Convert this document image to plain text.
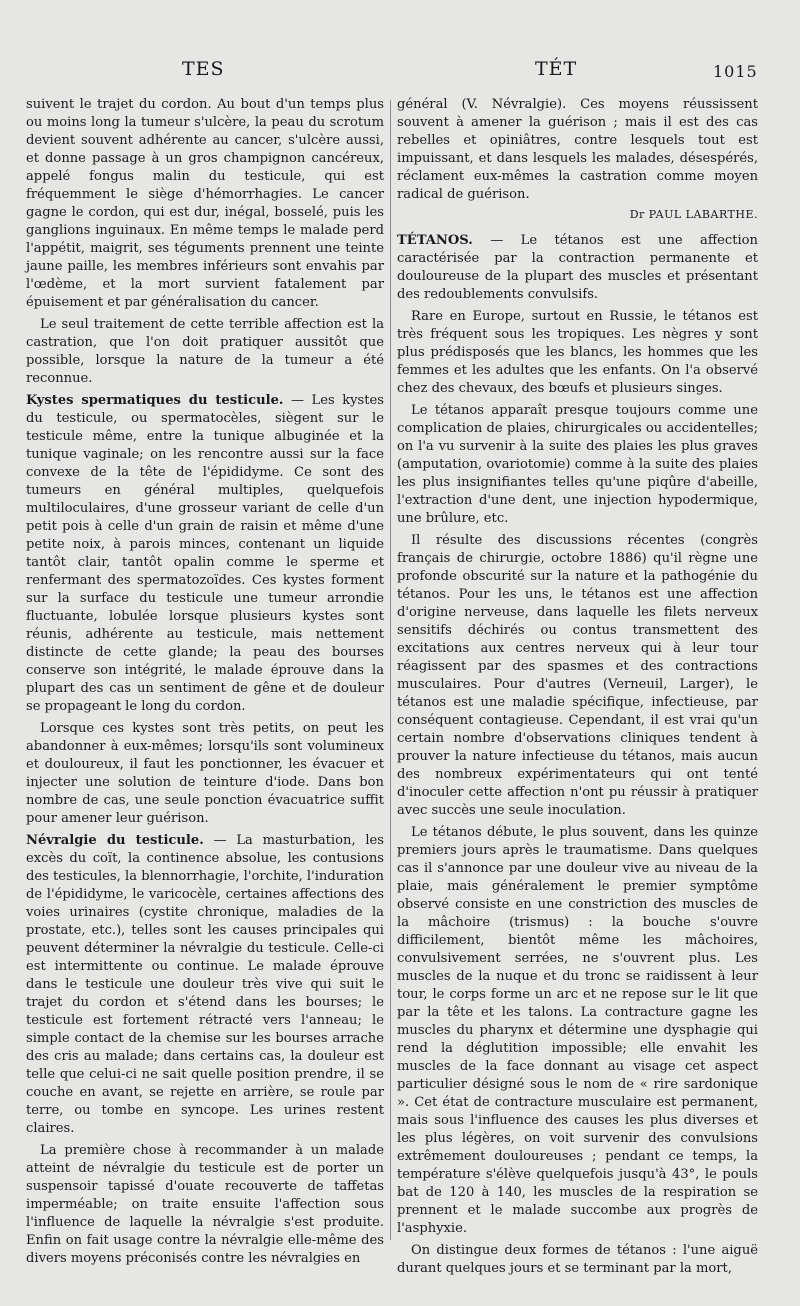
TES	TÉT	1015

suivent le trajet du cordon. Au bout d'un temps plus ou moins long la tumeur s'ulcère, la peau du scrotum devient souvent adhérente au cancer, s'ulcère aussi, et donne passage à un gros champignon cancéreux, appelé fongus malin du testicule, qui est fréquemment le siège d'hémorrhagies. Le cancer gagne le cordon, qui est dur, inégal, bosselé, puis les ganglions inguinaux. En même temps le malade perd l'appétit, maigrit, ses téguments prennent une teinte jaune paille, les membres inférieurs sont envahis par l'œdème, et la mort survient fatalement par épuisement et par généralisation du cancer.

Le seul traitement de cette terrible affection est la castration, que l'on doit pratiquer aussitôt que possible, lorsque la nature de la tumeur a été reconnue.

Kystes spermatiques du testicule. — Les kystes du testicule, ou spermatocèles, siègent sur le testicule même, entre la tunique albuginée et la tunique vaginale; on les rencontre aussi sur la face convexe de la tête de l'épididyme. Ce sont des tumeurs en général multiples, quelquefois multiloculaires, d'une grosseur variant de celle d'un petit pois à celle d'un grain de raisin et même d'une petite noix, à parois minces, contenant un liquide tantôt clair, tantôt opalin comme le sperme et renfermant des spermatozoïdes. Ces kystes forment sur la surface du testicule une tumeur arrondie fluctuante, lobulée lorsque plusieurs kystes sont réunis, adhérente au testicule, mais nettement distincte de cette glande; la peau des bourses conserve son intégrité, le malade éprouve dans la plupart des cas un sentiment de gêne et de douleur se propageant le long du cordon.

Lorsque ces kystes sont très petits, on peut les abandonner à eux-mêmes; lorsqu'ils sont volumineux et douloureux, il faut les ponctionner, les évacuer et injecter une solution de teinture d'iode. Dans bon nombre de cas, une seule ponction évacuatrice suffit pour amener leur guérison.

Névralgie du testicule. — La masturbation, les excès du coït, la continence absolue, les contusions des testicules, la blennorrhagie, l'orchite, l'induration de l'épididyme, le varicocèle, certaines affections des voies urinaires (cystite chronique, maladies de la prostate, etc.), telles sont les causes principales qui peuvent déterminer la névralgie du testicule. Celle-ci est intermittente ou continue. Le malade éprouve dans le testicule une douleur très vive qui suit le trajet du cordon et s'étend dans les bourses; le testicule est fortement rétracté vers l'anneau; le simple contact de la chemise sur les bourses arrache des cris au malade; dans certains cas, la douleur est telle que celui-ci ne sait quelle position prendre, il se couche en avant, se rejette en arrière, se roule par terre, ou tombe en syncope. Les urines restent claires.

La première chose à recommander à un malade atteint de névralgie du testicule est de porter un suspensoir tapissé d'ouate recouverte de taffetas imperméable; on traite ensuite l'affection sous l'influence de laquelle la névralgie s'est produite. Enfin on fait usage contre la névralgie elle-même des divers moyens préconisés contre les névralgies en

général (V. Névralgie). Ces moyens réussissent souvent à amener la guérison ; mais il est des cas rebelles et opiniâtres, contre lesquels tout est impuissant, et dans lesquels les malades, désespérés, réclament eux-mêmes la castration comme moyen radical de guérison.

Dr PAUL LABARTHE.

TÉTANOS. — Le tétanos est une affection caractérisée par la contraction permanente et douloureuse de la plupart des muscles et présentant des redoublements convulsifs.

Rare en Europe, surtout en Russie, le tétanos est très fréquent sous les tropiques. Les nègres y sont plus prédisposés que les blancs, les hommes que les femmes et les adultes que les enfants. On l'a observé chez des chevaux, des bœufs et plusieurs singes.

Le tétanos apparaît presque toujours comme une complication de plaies, chirurgicales ou accidentelles; on l'a vu survenir à la suite des plaies les plus graves (amputation, ovariotomie) comme à la suite des plaies les plus insignifiantes telles qu'une piqûre d'abeille, l'extraction d'une dent, une injection hypodermique, une brûlure, etc.

Il résulte des discussions récentes (congrès français de chirurgie, octobre 1886) qu'il règne une profonde obscurité sur la nature et la pathogénie du tétanos. Pour les uns, le tétanos est une affection d'origine nerveuse, dans laquelle les filets nerveux sensitifs déchirés ou contus transmettent des excitations aux centres nerveux qui à leur tour réagissent par des spasmes et des contractions musculaires. Pour d'autres (Verneuil, Larger), le tétanos est une maladie spécifique, infectieuse, par conséquent contagieuse. Cependant, il est vrai qu'un certain nombre d'observations cliniques tendent à prouver la nature infectieuse du tétanos, mais aucun des nombreux expérimentateurs qui ont tenté d'inoculer cette affection n'ont pu réussir à pratiquer avec succès une seule inoculation.

Le tétanos débute, le plus souvent, dans les quinze premiers jours après le traumatisme. Dans quelques cas il s'annonce par une douleur vive au niveau de la plaie, mais généralement le premier symptôme observé consiste en une constriction des muscles de la mâchoire (trismus) : la bouche s'ouvre difficilement, bientôt même les mâchoires, convulsivement serrées, ne s'ouvrent plus. Les muscles de la nuque et du tronc se raidissent à leur tour, le corps forme un arc et ne repose sur le lit que par la tête et les talons. La contracture gagne les muscles du pharynx et détermine une dysphagie qui rend la déglutition impossible; elle envahit les muscles de la face donnant au visage cet aspect particulier désigné sous le nom de « rire sardonique ». Cet état de contracture musculaire est permanent, mais sous l'influence des causes les plus diverses et les plus légères, on voit survenir des convulsions extrêmement douloureuses ; pendant ce temps, la température s'élève quelquefois jusqu'à 43°, le pouls bat de 120 à 140, les muscles de la respiration se prennent et le malade succombe aux progrès de l'asphyxie.

On distingue deux formes de tétanos : l'une aiguë durant quelques jours et se terminant par la mort,
